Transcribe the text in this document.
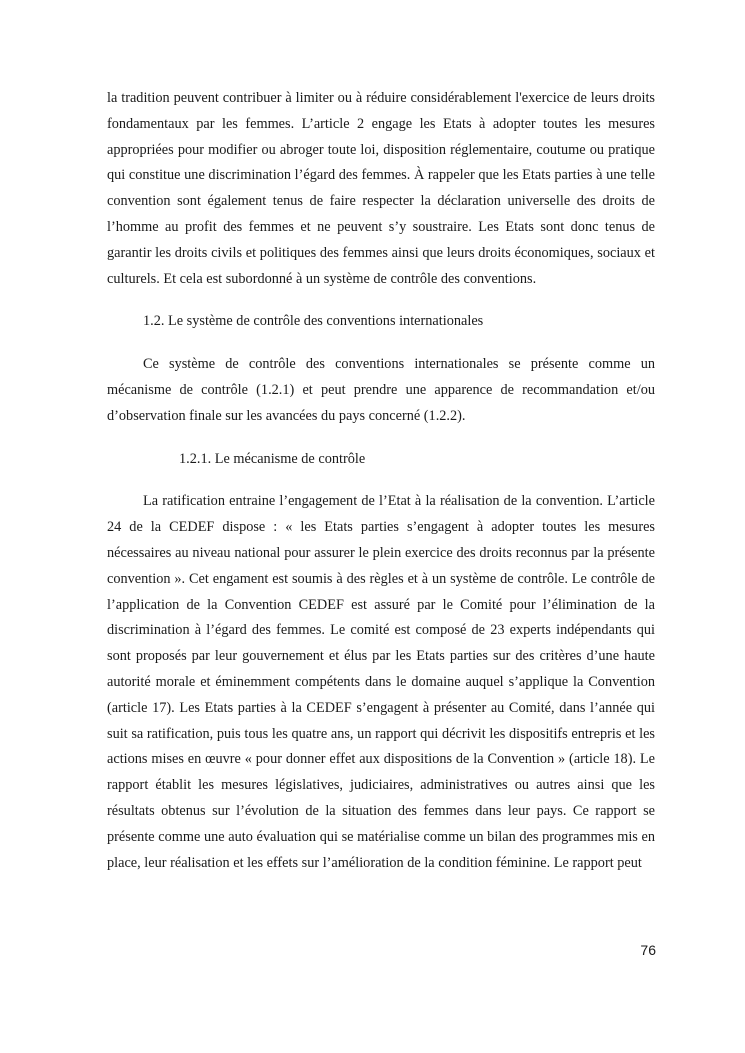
la tradition peuvent contribuer à limiter ou à réduire considérablement l'exercice de leurs droits fondamentaux par les femmes. L’article 2 engage les Etats à adopter toutes les mesures appropriées pour modifier ou abroger toute loi, disposition réglementaire, coutume ou pratique qui constitue une discrimination l’égard des femmes. À rappeler que les Etats parties à une telle convention sont également tenus de faire respecter la déclaration universelle des droits de l’homme au profit des femmes et ne peuvent s’y soustraire. Les Etats sont donc tenus de garantir les droits civils et politiques des femmes ainsi que leurs droits économiques, sociaux et culturels. Et cela est subordonné à un système de contrôle des conventions.

1.2. Le système de contrôle des conventions internationales

Ce système de contrôle des conventions internationales se présente comme un mécanisme de contrôle (1.2.1) et peut prendre une apparence de recommandation et/ou d’observation finale sur les avancées du pays concerné (1.2.2).

1.2.1. Le mécanisme de contrôle

La ratification entraine l’engagement de l’Etat à la réalisation de la convention. L’article 24 de la CEDEF dispose : « les Etats parties s’engagent à adopter toutes les mesures nécessaires au niveau national pour assurer le plein exercice des droits reconnus par la présente convention ». Cet engament est soumis à des règles et à un système de contrôle. Le contrôle de l’application de la Convention CEDEF est assuré par le Comité pour l’élimination de la discrimination à l’égard des femmes. Le comité est composé de 23 experts indépendants qui sont proposés par leur gouvernement et élus par les Etats parties sur des critères d’une haute autorité morale et éminemment compétents dans le domaine auquel s’applique la Convention (article 17). Les Etats parties à la CEDEF s’engagent à présenter au Comité, dans l’année qui suit sa ratification, puis tous les quatre ans, un rapport qui décrivit les dispositifs entrepris et les actions mises en œuvre « pour donner effet aux dispositions de la Convention » (article 18). Le rapport établit les mesures législatives, judiciaires, administratives ou autres ainsi que les résultats obtenus sur l’évolution de la situation des femmes dans leur pays. Ce rapport se présente comme une auto évaluation qui se matérialise comme un bilan des programmes mis en place, leur réalisation et les effets sur l’amélioration de la condition féminine. Le rapport peut

76
